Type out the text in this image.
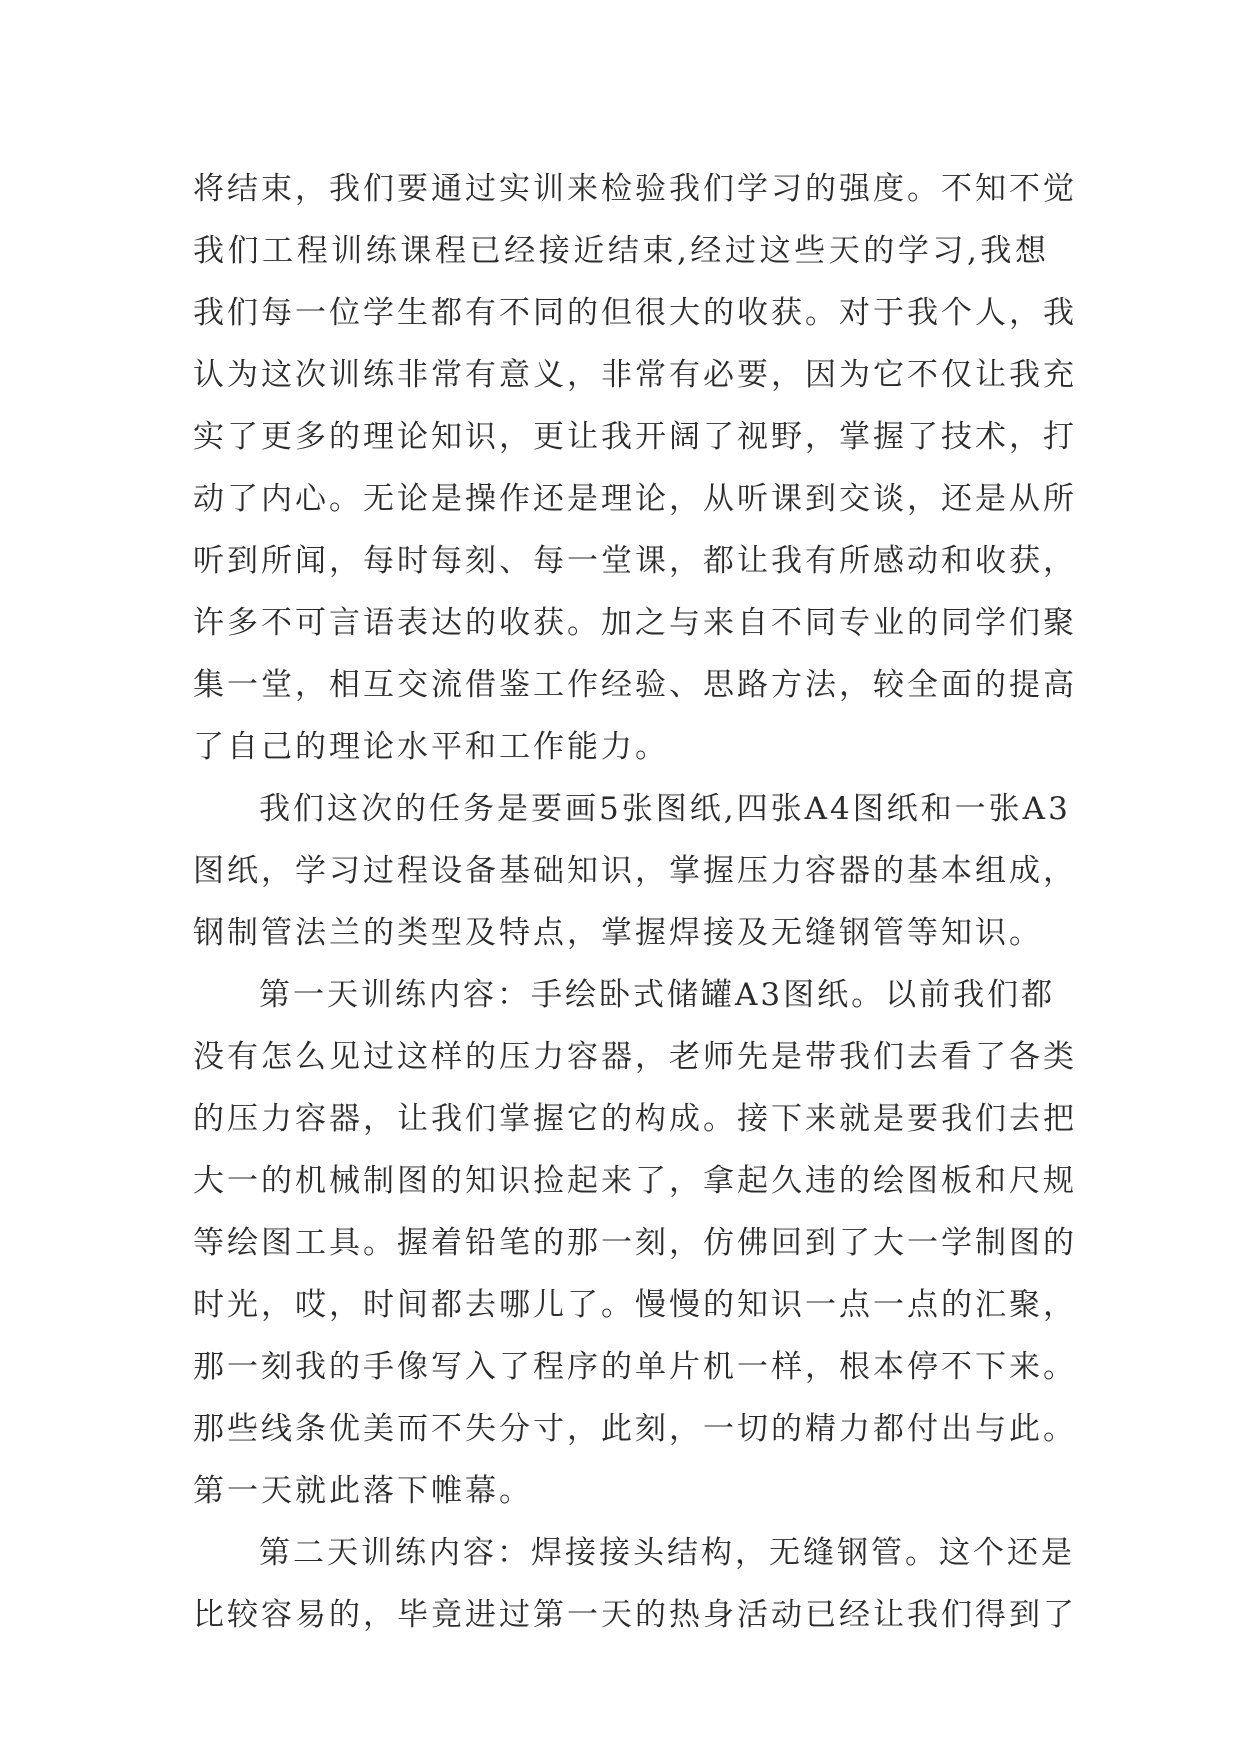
将结束，我们要通过实训来检验我们学习的强度。不知不觉
我们工程训练课程已经接近结束,经过这些天的学习,我想
我们每一位学生都有不同的但很大的收获。对于我个人，我
认为这次训练非常有意义，非常有必要，因为它不仅让我充
实了更多的理论知识，更让我开阔了视野，掌握了技术，打
动了内心。无论是操作还是理论，从听课到交谈，还是从所
听到所闻，每时每刻、每一堂课，都让我有所感动和收获，
许多不可言语表达的收获。加之与来自不同专业的同学们聚
集一堂，相互交流借鉴工作经验、思路方法，较全面的提高
了自己的理论水平和工作能力。
我们这次的任务是要画5张图纸,四张A4图纸和一张A3
图纸，学习过程设备基础知识，掌握压力容器的基本组成，
钢制管法兰的类型及特点，掌握焊接及无缝钢管等知识。
第一天训练内容：手绘卧式储罐A3图纸。以前我们都
没有怎么见过这样的压力容器，老师先是带我们去看了各类
的压力容器，让我们掌握它的构成。接下来就是要我们去把
大一的机械制图的知识捡起来了，拿起久违的绘图板和尺规
等绘图工具。握着铅笔的那一刻，仿佛回到了大一学制图的
时光，哎，时间都去哪儿了。慢慢的知识一点一点的汇聚，
那一刻我的手像写入了程序的单片机一样，根本停不下来。
那些线条优美而不失分寸，此刻，一切的精力都付出与此。
第一天就此落下帷幕。
第二天训练内容：焊接接头结构，无缝钢管。这个还是
比较容易的，毕竟进过第一天的热身活动已经让我们得到了
